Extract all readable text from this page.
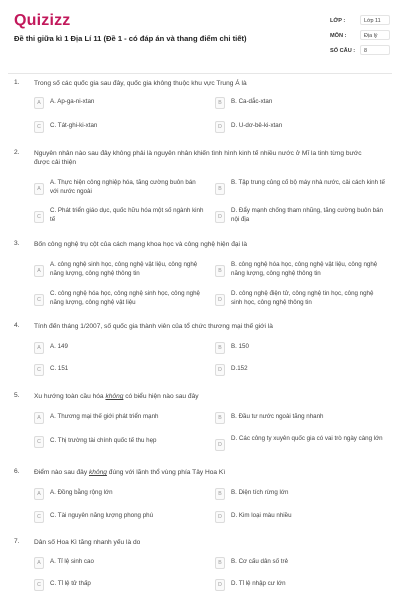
Quizizz
Đề thi giữa kì 1 Địa Lí 11 (Đề 1 - có đáp án và thang điểm chi tiết)
LỚP :	Lớp 11
MÔN :	Địa lý
SỐ CÂU :	8
1. Trong số các quốc gia sau đây, quốc gia không thuộc khu vực Trung Á là
A	A. Ap-ga-ni-xtan	B	B. Ca-dắc-xtan
C	C. Tát-ghi-ki-xtan	D	D. U-dơ-bê-ki-xtan
2. Nguyên nhân nào sau đây không phải là nguyên nhân khiến tình hình kinh tế nhiều nước ở Mĩ la tinh từng bước được cải thiện
A
A. Thực hiện công nghiệp hóa, tăng cường buôn bán với nước ngoài	B
B. Tập trung củng cố bộ máy nhà nước, cải cách kinh tế
C
C. Phát triển giáo dục, quốc hữu hóa một số ngành kinh tế	D
D. Đẩy mạnh chống tham nhũng, tăng cường buôn bán nội địa
3. Bốn công nghệ trụ cột của cách mạng khoa học và công nghệ hiện đại là
A
A. công nghệ sinh học, công nghệ vật liệu, công nghệ năng lượng, công nghệ thông tin	B
B. công nghệ hóa học, công nghệ vật liệu, công nghệ năng lượng, công nghệ thông tin
C
C. công nghệ hóa học, công nghệ sinh học, công nghệ năng lượng, công nghệ vật liệu	D
D. công nghệ điện tử, công nghệ tin học, công nghệ sinh học, công nghệ thông tin
4. Tính đến tháng 1/2007, số quốc gia thành viên của tổ chức thương mại thế giới là
A	A. 149	B	B. 150
C	C. 151	D	D.152
5. Xu hướng toàn cầu hóa không có biểu hiện nào sau đây
A	A. Thương mại thế giới phát triển mạnh	B	B. Đầu tư nước ngoài tăng nhanh
C	C. Thị trường tài chính quốc tế thu hẹp
D
D. Các công ty xuyên quốc gia có vai trò ngày càng lớn
6. Điểm nào sau đây không đúng với lãnh thổ vùng phía Tây Hoa Kì
A	A. Đồng bằng rộng lớn	B	B. Diện tích rừng lớn
C	C. Tài nguyên năng lượng phong phú	D	D. Kim loại màu nhiều
7. Dân số Hoa Kì tăng nhanh yếu là do
A	A. Tỉ lệ sinh cao	B	B. Cơ cấu dân số trẻ
C	C. Tỉ lệ tử thấp	D	D. Tỉ lệ nhập cư lớn
